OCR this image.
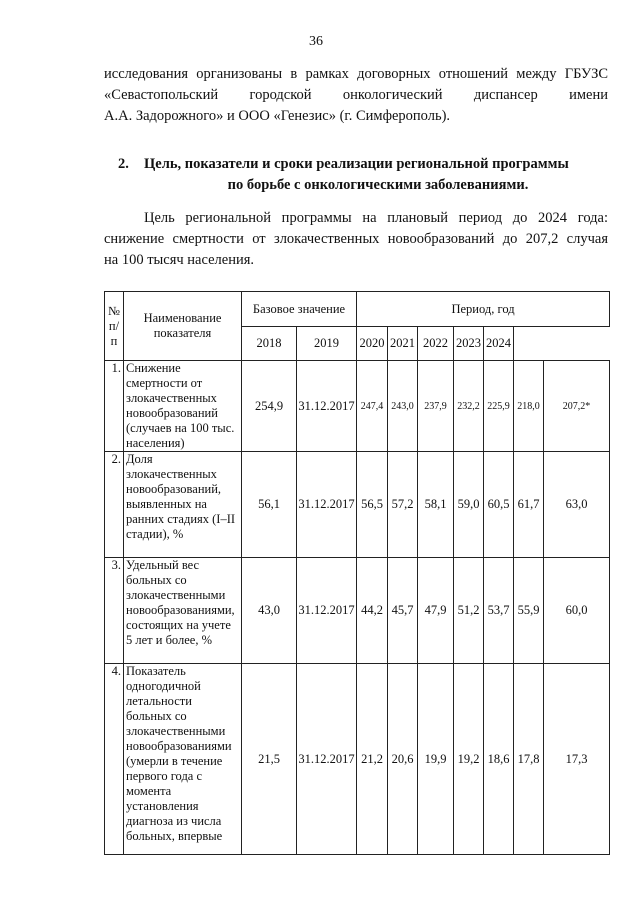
36
исследования организованы в рамках договорных отношений между ГБУЗС
«Севастопольский городской онкологический диспансер имени
А.А. Задорожного» и ООО «Генезис» (г. Симферополь).
2. Цель, показатели и сроки реализации региональной программы
по борьбе с онкологическими заболеваниями.
Цель региональной программы на плановый период до 2024 года:
снижение смертности от злокачественных новообразований до 207,2 случая
на 100 тысяч населения.
№ п/п	Наименование показателя	Базовое значение		Период, год						
		2018	2019	2020	2021	2022	2023	2024		
1.	Снижение смертности от злокачественных новообразований (случаев на 100 тыс. населения)	254,9	31.12.2017	247,4	243,0	237,9	232,2	225,9	218,0	207,2*
2.	Доля злокачественных новообразований, выявленных на ранних стадиях (I–II стадии), %	56,1	31.12.2017	56,5	57,2	58,1	59,0	60,5	61,7	63,0
3.	Удельный вес больных со злокачественными новообразованиями, состоящих на учете 5 лет и более, %	43,0	31.12.2017	44,2	45,7	47,9	51,2	53,7	55,9	60,0
4.	Показатель одногодичной летальности больных со злокачественными новообразованиями (умерли в течение первого года с момента установления диагноза из числа больных, впервые	21,5	31.12.2017	21,2	20,6	19,9	19,2	18,6	17,8	17,3
